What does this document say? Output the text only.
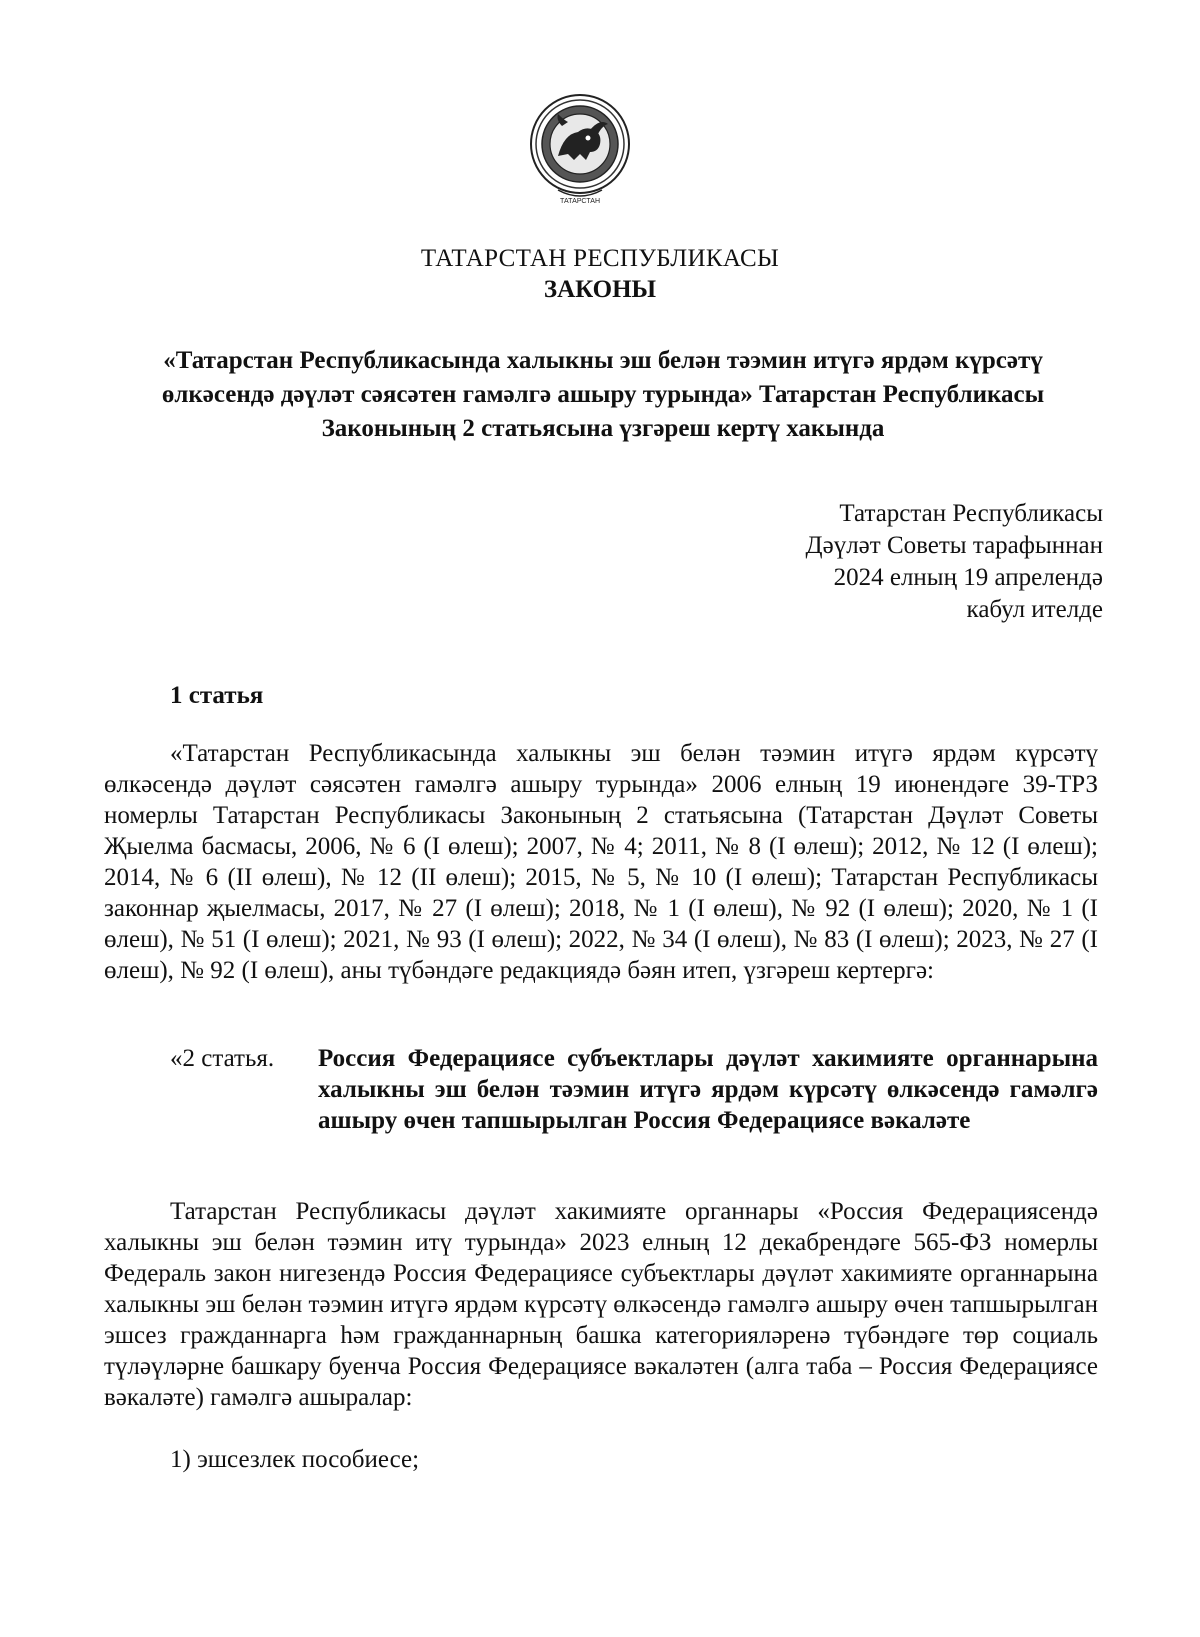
ТАТАРСТАН
ТАТАРСТАН РЕСПУБЛИКАСЫ
ЗАКОНЫ
«Татарстан Республикасында халыкны эш белән тәэмин итүгә ярдәм күрсәтү
өлкәсендә дәүләт сәясәтен гамәлгә ашыру турында» Татарстан Республикасы
Законының 2 статьясына үзгәреш кертү хакында
Татарстан Республикасы
Дәүләт Советы тарафыннан
2024 елның 19 апрелендә
кабул ителде
1 статья
«Татарстан Республикасында халыкны эш белән тәэмин итүгә ярдәм күрсәтү өлкәсендә дәүләт сәясәтен гамәлгә ашыру турында» 2006 елның 19 июнендәге 39-ТРЗ номерлы Татарстан Республикасы Законының 2 статьясына (Татарстан Дәүләт Советы Җыелма басмасы, 2006, № 6 (I өлеш); 2007, № 4; 2011, № 8 (I өлеш); 2012, № 12 (I өлеш); 2014, № 6 (II өлеш), № 12 (II өлеш); 2015, № 5, № 10 (I өлеш); Татарстан Республикасы законнар җыелмасы, 2017, № 27 (I өлеш); 2018, № 1 (I өлеш), № 92 (I өлеш); 2020, № 1 (I өлеш), № 51 (I өлеш); 2021, № 93 (I өлеш); 2022, № 34 (I өлеш), № 83 (I өлеш); 2023, № 27 (I өлеш), № 92 (I өлеш), аны түбәндәге редакциядә бәян итеп, үзгәреш кертергә:
«2 статья.	Россия Федерациясе субъектлары дәүләт хакимияте органнарына халыкны эш белән тәэмин итүгә ярдәм күрсәтү өлкәсендә гамәлгә ашыру өчен тапшырылган Россия Федерациясе вәкаләте
Татарстан Республикасы дәүләт хакимияте органнары «Россия Федерациясендә халыкны эш белән тәэмин итү турында» 2023 елның 12 декабрендәге 565-ФЗ номерлы Федераль закон нигезендә Россия Федерациясе субъектлары дәүләт хакимияте органнарына халыкны эш белән тәэмин итүгә ярдәм күрсәтү өлкәсендә гамәлгә ашыру өчен тапшырылган эшсез гражданнарга һәм гражданнарның башка категорияләренә түбәндәге төр социаль түләүләрне башкару буенча Россия Федерациясе вәкаләтен (алга таба – Россия Федерациясе вәкаләте) гамәлгә ашыралар:
1) эшсезлек пособиесе;
